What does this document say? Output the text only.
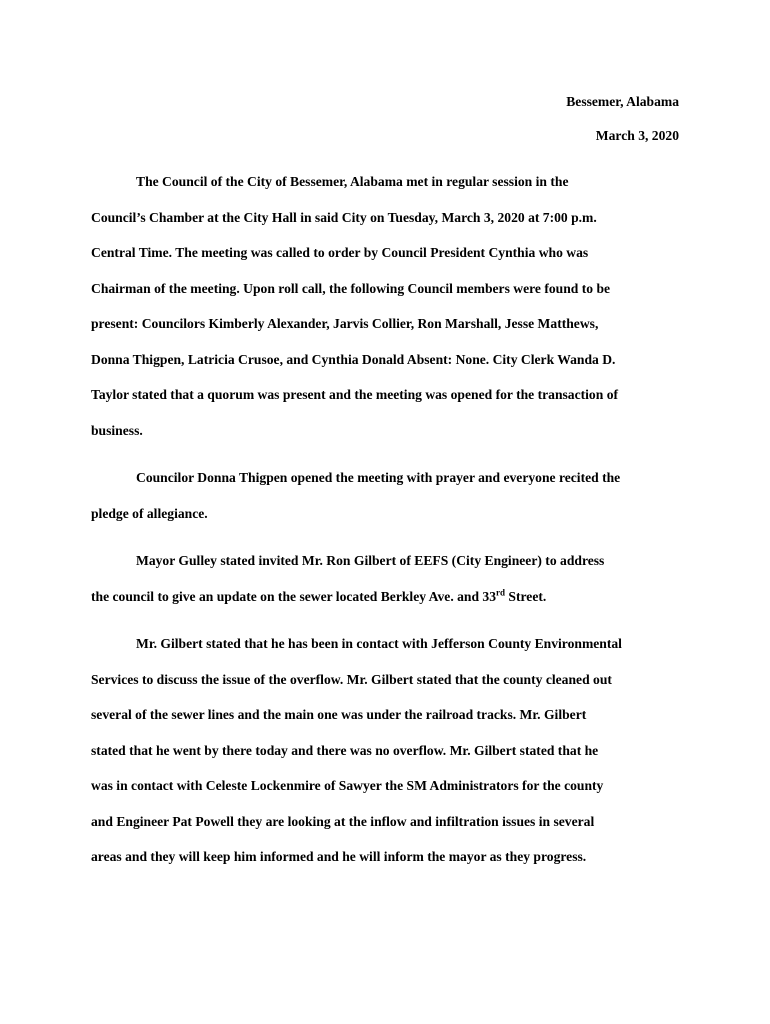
Bessemer, Alabama
March 3, 2020
The Council of the City of Bessemer, Alabama met in regular session in the
Council’s Chamber at the City Hall in said City on Tuesday, March 3, 2020 at 7:00 p.m.
Central Time. The meeting was called to order by Council President Cynthia who was
Chairman of the meeting. Upon roll call, the following Council members were found to be
present: Councilors Kimberly Alexander, Jarvis Collier, Ron Marshall, Jesse Matthews,
Donna Thigpen, Latricia Crusoe, and Cynthia Donald Absent: None. City Clerk Wanda D.
Taylor stated that a quorum was present and the meeting was opened for the transaction of
business.
Councilor Donna Thigpen opened the meeting with prayer and everyone recited the
pledge of allegiance.
Mayor Gulley stated invited Mr. Ron Gilbert of EEFS (City Engineer) to address
the council to give an update on the sewer located Berkley Ave. and 33rd Street.
Mr. Gilbert stated that he has been in contact with Jefferson County Environmental
Services to discuss the issue of the overflow. Mr. Gilbert stated that the county cleaned out
several of the sewer lines and the main one was under the railroad tracks. Mr. Gilbert
stated that he went by there today and there was no overflow. Mr. Gilbert stated that he
was in contact with Celeste Lockenmire of Sawyer the SM Administrators for the county
and Engineer Pat Powell they are looking at the inflow and infiltration issues in several
areas and they will keep him informed and he will inform the mayor as they progress.
